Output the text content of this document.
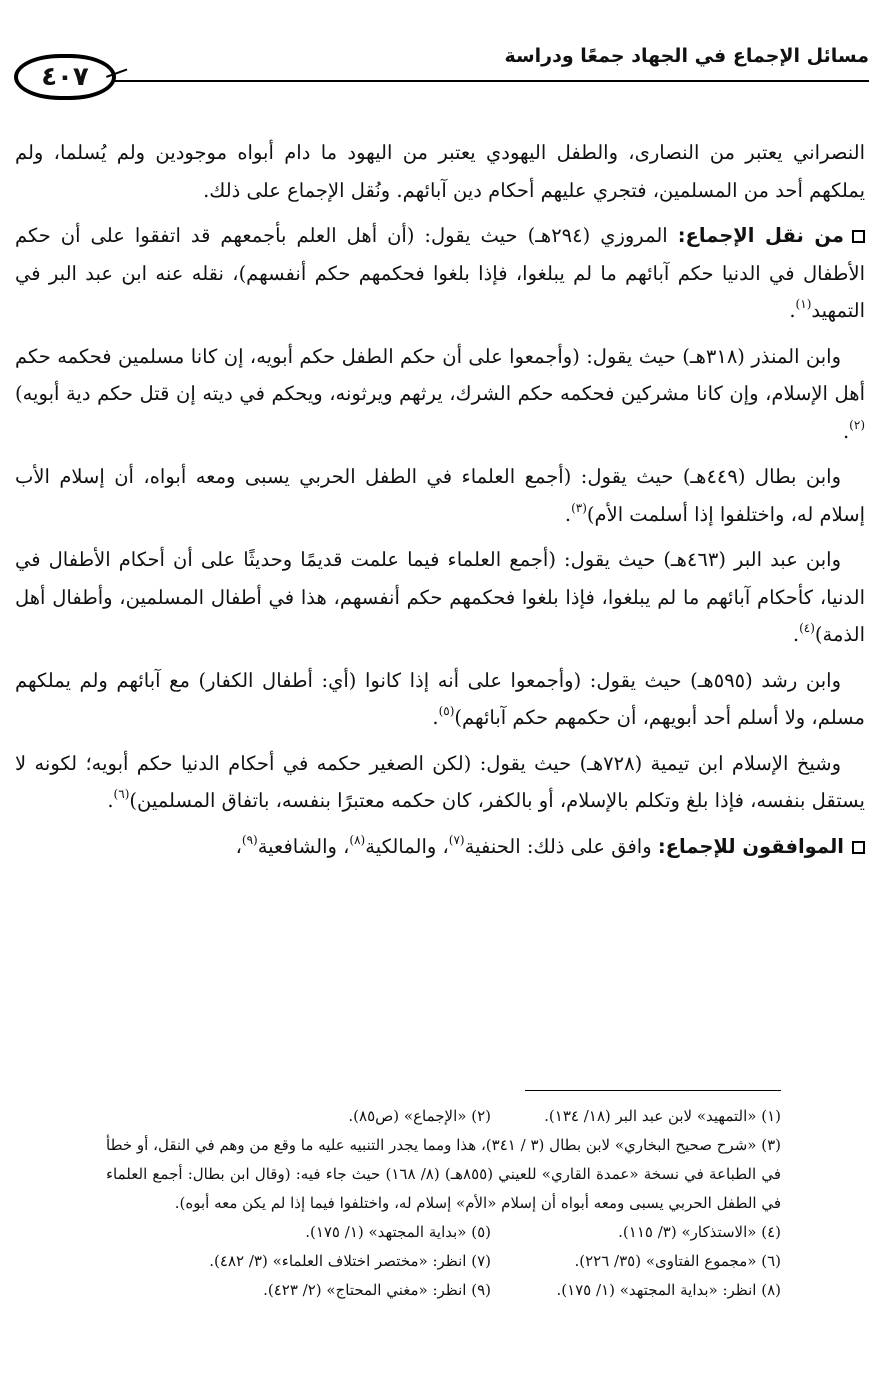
مسائل الإجماع في الجهاد جمعًا ودراسة
٤٠٧

النصراني يعتبر من النصارى، والطفل اليهودي يعتبر من اليهود ما دام أبواه موجودين ولم يُسلما، ولم يملكهم أحد من المسلمين، فتجري عليهم أحكام دين آبائهم. ونُقل الإجماع على ذلك.

من نقل الإجماع: المروزي (٢٩٤هـ) حيث يقول: (أن أهل العلم بأجمعهم قد اتفقوا على أن حكم الأطفال في الدنيا حكم آبائهم ما لم يبلغوا، فإذا بلغوا فحكمهم حكم أنفسهم)، نقله عنه ابن عبد البر في التمهيد$^{(١)}$.

وابن المنذر (٣١٨هـ) حيث يقول: (وأجمعوا على أن حكم الطفل حكم أبويه، إن كانا مسلمين فحكمه حكم أهل الإسلام، وإن كانا مشركين فحكمه حكم الشرك، يرثهم ويرثونه، ويحكم في ديته إن قتل حكم دية أبويه)$^{(٢)}$.

وابن بطال (٤٤٩هـ) حيث يقول: (أجمع العلماء في الطفل الحربي يسبى ومعه أبواه، أن إسلام الأب إسلام له، واختلفوا إذا أسلمت الأم)$^{(٣)}$.

وابن عبد البر (٤٦٣هـ) حيث يقول: (أجمع العلماء فيما علمت قديمًا وحديثًا على أن أحكام الأطفال في الدنيا، كأحكام آبائهم ما لم يبلغوا، فإذا بلغوا فحكمهم حكم أنفسهم، هذا في أطفال المسلمين، وأطفال أهل الذمة)$^{(٤)}$.

وابن رشد (٥٩٥هـ) حيث يقول: (وأجمعوا على أنه إذا كانوا (أي: أطفال الكفار) مع آبائهم ولم يملكهم مسلم، ولا أسلم أحد أبويهم، أن حكمهم حكم آبائهم)$^{(٥)}$.

وشيخ الإسلام ابن تيمية (٧٢٨هـ) حيث يقول: (لكن الصغير حكمه في أحكام الدنيا حكم أبويه؛ لكونه لا يستقل بنفسه، فإذا بلغ وتكلم بالإسلام، أو بالكفر، كان حكمه معتبرًا بنفسه، باتفاق المسلمين)$^{(٦)}$.

الموافقون للإجماع: وافق على ذلك: الحنفية$^{(٧)}$، والمالكية$^{(٨)}$، والشافعية$^{(٩)}$،

(١) «التمهيد» لابن عبد البر (١٨/ ١٣٤).
(٢) «الإجماع» (ص٨٥).
(٣) «شرح صحيح البخاري» لابن بطال (٣ / ٣٤١)، هذا ومما يجدر التنبيه عليه ما وقع من وهم في النقل، أو خطأ في الطباعة في نسخة «عمدة القاري» للعيني (٨٥٥هـ) (٨/ ١٦٨) حيث جاء فيه: (وقال ابن بطال: أجمع العلماء في الطفل الحربي يسبى ومعه أبواه أن إسلام «الأم» إسلام له، واختلفوا فيما إذا لم يكن معه أبوه).
(٤) «الاستذكار» (٣/ ١١٥).
(٥) «بداية المجتهد» (١/ ١٧٥).
(٦) «مجموع الفتاوى» (٣٥/ ٢٢٦).
(٧) انظر: «مختصر اختلاف العلماء» (٣/ ٤٨٢).
(٨) انظر: «بداية المجتهد» (١/ ١٧٥).
(٩) انظر: «مغني المحتاج» (٢/ ٤٢٣).
